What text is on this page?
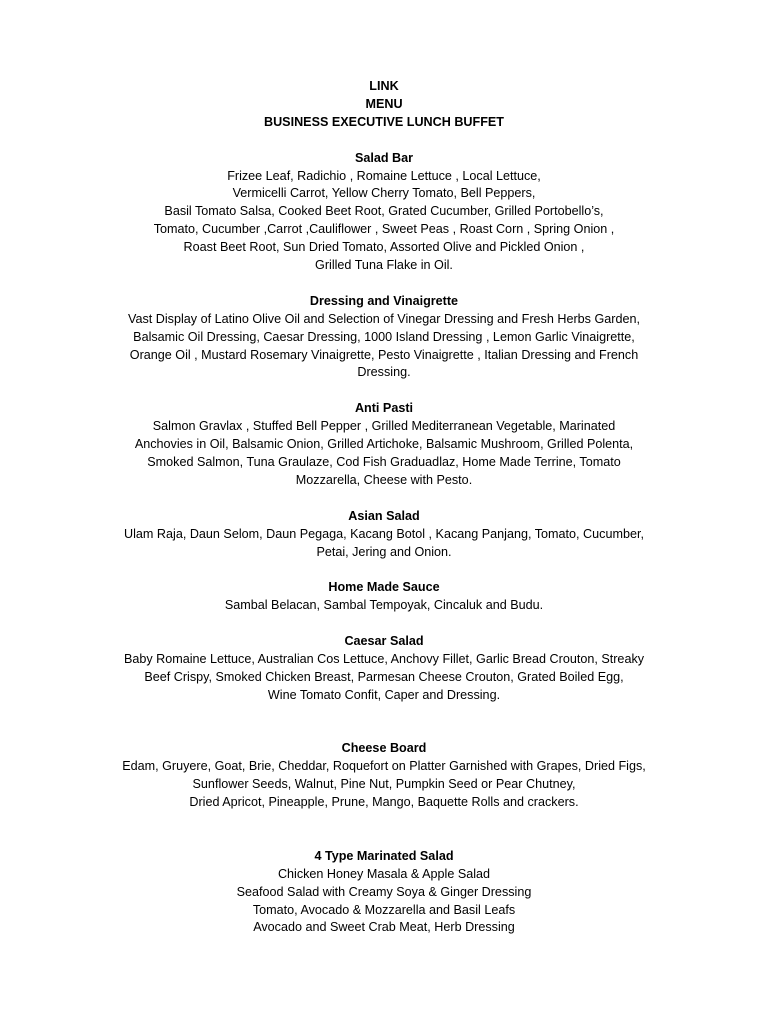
LINK
MENU
BUSINESS EXECUTIVE LUNCH BUFFET
Salad Bar
Frizee Leaf, Radichio , Romaine Lettuce , Local Lettuce,
Vermicelli Carrot, Yellow Cherry Tomato, Bell Peppers,
Basil Tomato Salsa, Cooked Beet Root, Grated Cucumber, Grilled Portobello’s,
Tomato, Cucumber ,Carrot ,Cauliflower , Sweet Peas , Roast Corn , Spring Onion ,
Roast Beet Root, Sun Dried Tomato, Assorted Olive and Pickled Onion ,
Grilled Tuna Flake in Oil.
Dressing and Vinaigrette
Vast Display of Latino Olive Oil and Selection of Vinegar Dressing and Fresh Herbs Garden,
Balsamic Oil Dressing, Caesar Dressing, 1000 Island Dressing , Lemon Garlic Vinaigrette,
Orange Oil , Mustard Rosemary Vinaigrette, Pesto Vinaigrette , Italian Dressing and French
Dressing.
Anti Pasti
Salmon Gravlax , Stuffed Bell Pepper , Grilled Mediterranean Vegetable, Marinated
Anchovies in Oil, Balsamic Onion, Grilled Artichoke, Balsamic Mushroom, Grilled Polenta,
Smoked Salmon, Tuna Graulaze, Cod Fish Graduadlaz, Home Made Terrine, Tomato
Mozzarella, Cheese with Pesto.
Asian Salad
Ulam Raja, Daun Selom, Daun Pegaga, Kacang Botol , Kacang Panjang, Tomato, Cucumber,
Petai, Jering and Onion.
Home Made Sauce
Sambal Belacan, Sambal Tempoyak, Cincaluk and Budu.
Caesar Salad
Baby Romaine Lettuce, Australian Cos Lettuce, Anchovy Fillet, Garlic Bread Crouton, Streaky
Beef Crispy, Smoked Chicken Breast, Parmesan Cheese Crouton, Grated Boiled Egg,
Wine Tomato Confit, Caper and Dressing.
Cheese Board
Edam, Gruyere, Goat, Brie, Cheddar, Roquefort on Platter Garnished with Grapes, Dried Figs,
Sunflower Seeds, Walnut, Pine Nut, Pumpkin Seed or Pear Chutney,
Dried Apricot, Pineapple, Prune, Mango, Baquette Rolls and crackers.
4 Type Marinated Salad
Chicken Honey Masala & Apple Salad
Seafood Salad with Creamy Soya & Ginger Dressing
Tomato, Avocado & Mozzarella and Basil Leafs
Avocado and Sweet Crab Meat, Herb Dressing
